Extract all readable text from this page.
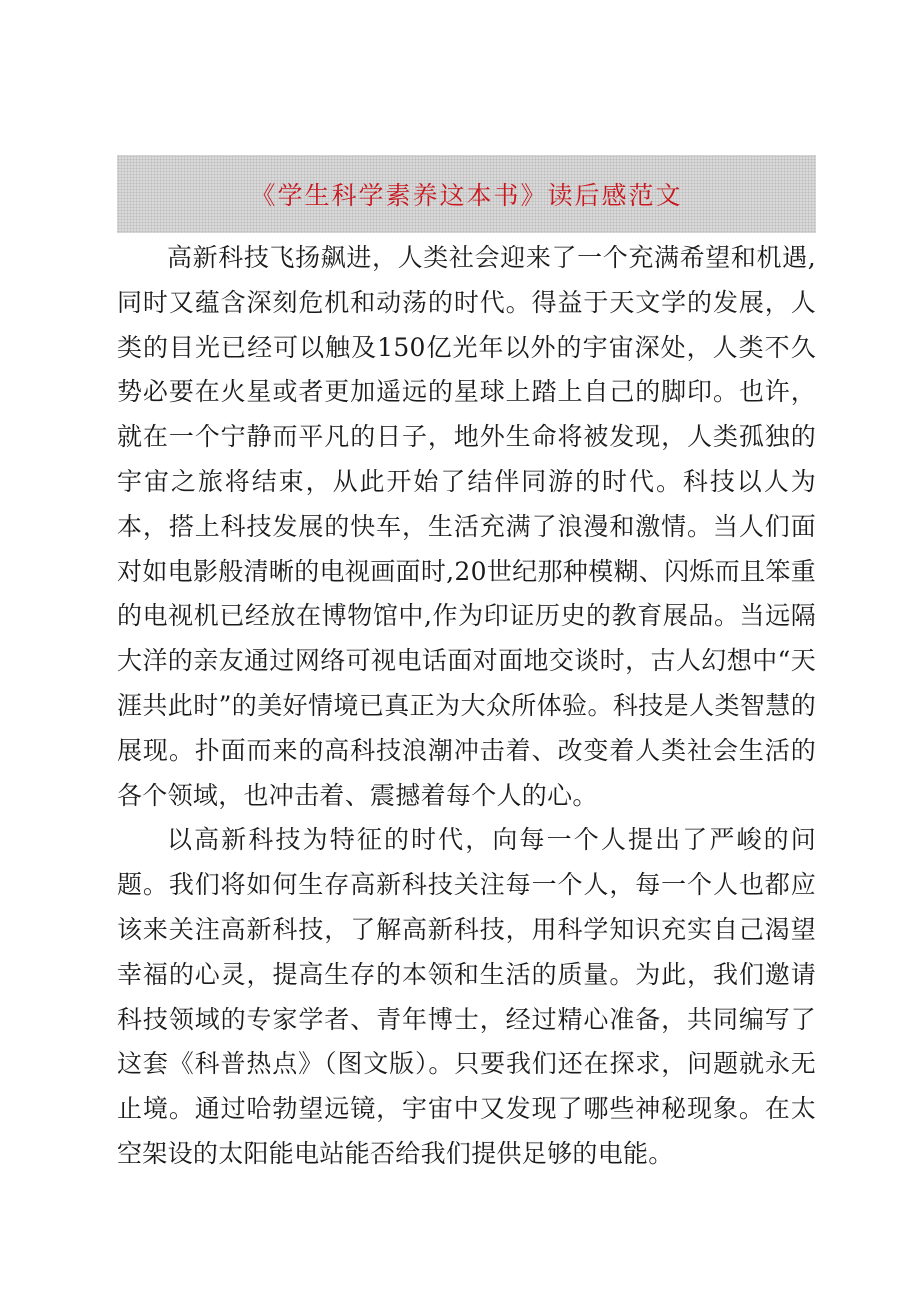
《学生科学素养这本书》读后感范文

高新科技飞扬飙进，人类社会迎来了一个充满希望和机遇,同时又蕴含深刻危机和动荡的时代。得益于天文学的发展，人类的目光已经可以触及150亿光年以外的宇宙深处，人类不久势必要在火星或者更加遥远的星球上踏上自己的脚印。也许，就在一个宁静而平凡的日子，地外生命将被发现，人类孤独的宇宙之旅将结束，从此开始了结伴同游的时代。科技以人为本，搭上科技发展的快车，生活充满了浪漫和激情。当人们面对如电影般清晰的电视画面时,20世纪那种模糊、闪烁而且笨重的电视机已经放在博物馆中,作为印证历史的教育展品。当远隔大洋的亲友通过网络可视电话面对面地交谈时，古人幻想中“天涯共此时”的美好情境已真正为大众所体验。科技是人类智慧的展现。扑面而来的高科技浪潮冲击着、改变着人类社会生活的各个领域，也冲击着、震撼着每个人的心。

以高新科技为特征的时代，向每一个人提出了严峻的问题。我们将如何生存高新科技关注每一个人，每一个人也都应该来关注高新科技，了解高新科技，用科学知识充实自己渴望幸福的心灵，提高生存的本领和生活的质量。为此，我们邀请科技领域的专家学者、青年博士，经过精心准备，共同编写了这套《科普热点》（图文版）。只要我们还在探求，问题就永无止境。通过哈勃望远镜，宇宙中又发现了哪些神秘现象。在太空架设的太阳能电站能否给我们提供足够的电能。
